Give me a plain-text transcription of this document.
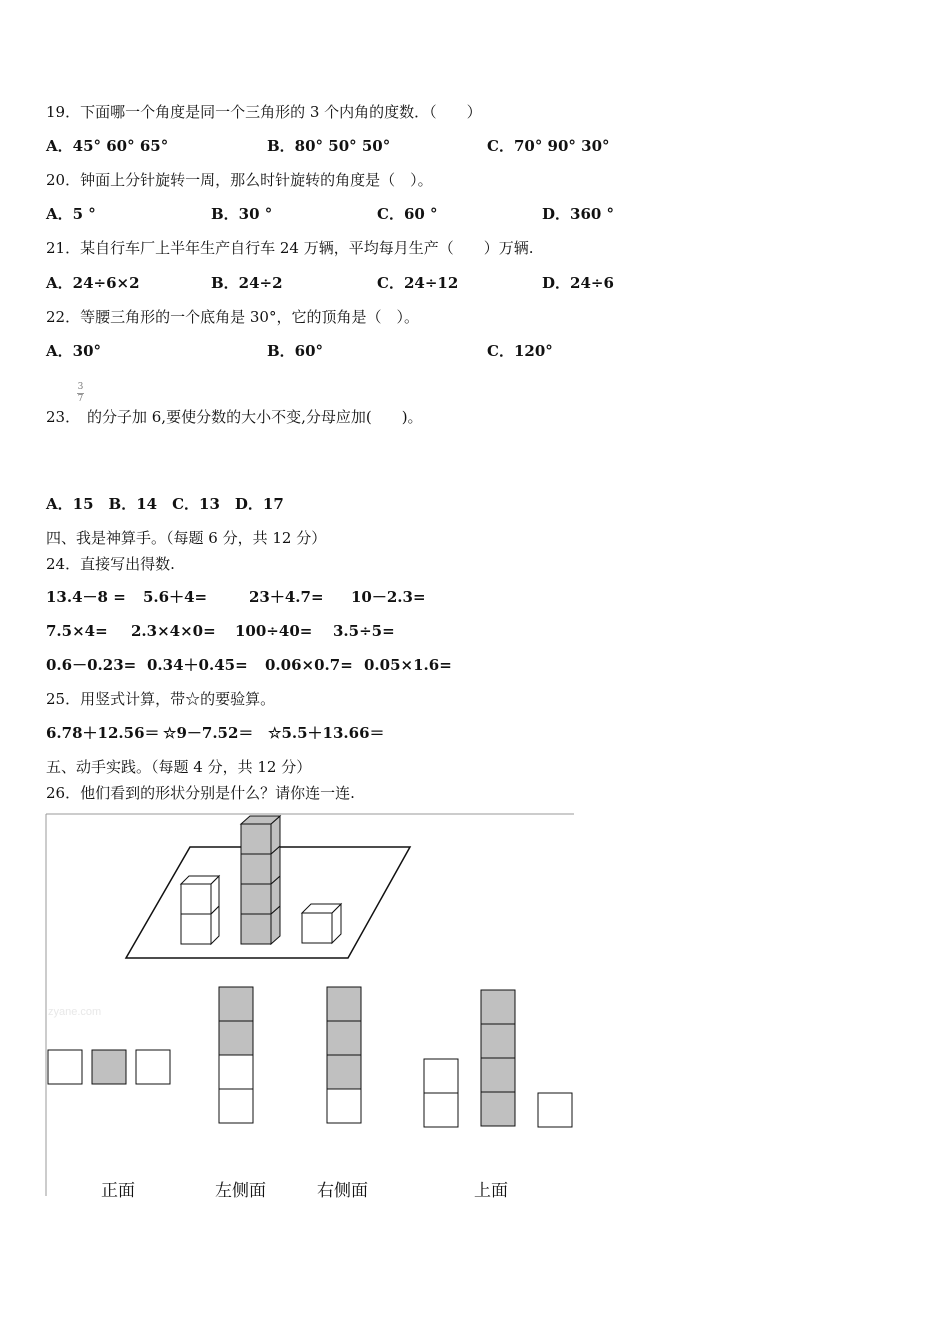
19．下面哪一个角度是同一个三角形的 3 个内角的度数．（　　）
A．45° 60° 65°	B．80° 50° 50°	C．70° 90° 30°
20．钟面上分针旋转一周，那么时针旋转的角度是（　）。
A．5 °	B．30 °	C．60 °	D．360 °
21．某自行车厂上半年生产自行车 24 万辆，平均每月生产（　　）万辆.
A．24÷6×2	B．24÷2	C．24÷12	D．24÷6
22．等腰三角形的一个底角是 30°，它的顶角是（　）。
A．30°	B．60°	C．120°
3
7
23． 的分子加 6,要使分数的大小不变,分母应加(　　)。
A．15　B．14　C．13　D．17
四、我是神算手。（每题 6 分，共 12 分）
24．直接写出得数.
13.4－8 = 5.6＋4=	23＋4.7= 10－2.3=
7.5×4= 2.3×4×0= 100÷40= 3.5÷5=
0.6－0.23= 0.34＋0.45= 0.06×0.7= 0.05×1.6=
25．用竖式计算，带☆的要验算。
6.78＋12.56＝ ☆9－7.52＝ ☆5.5＋13.66＝
五、动手实践。（每题 4 分，共 12 分）
26．他们看到的形状分别是什么？请你连一连.
zyane.com
正面	左侧面	右侧面	上面
